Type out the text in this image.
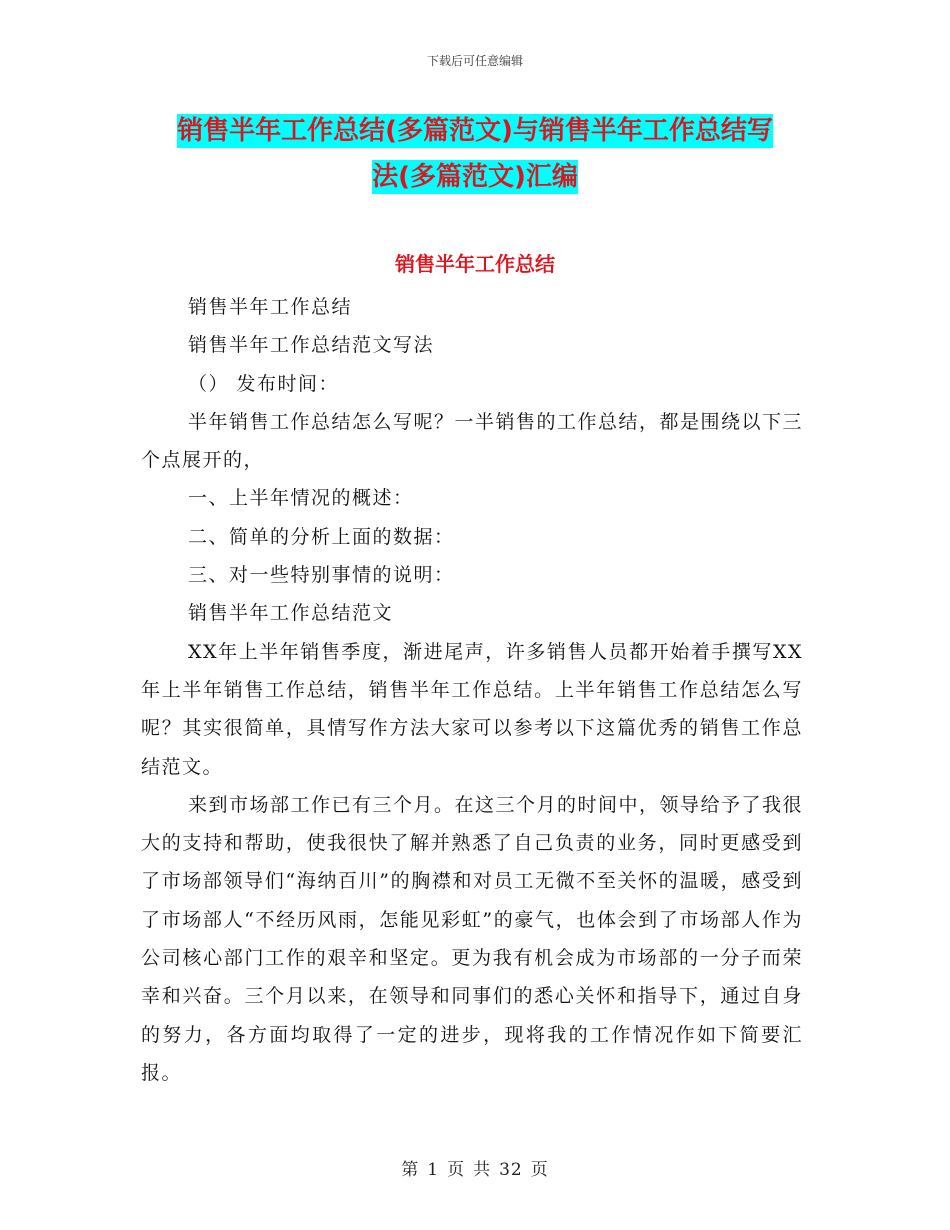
下载后可任意编辑
销售半年工作总结(多篇范文)与销售半年工作总结写
法(多篇范文)汇编
销售半年工作总结

销售半年工作总结

销售半年工作总结范文写法

（） 发布时间：

半年销售工作总结怎么写呢？一半销售的工作总结，都是围绕以下三个点展开的，

一、上半年情况的概述：

二、简单的分析上面的数据：

三、对一些特别事情的说明：

销售半年工作总结范文

XX年上半年销售季度，渐进尾声，许多销售人员都开始着手撰写XX年上半年销售工作总结，销售半年工作总结。上半年销售工作总结怎么写呢？其实很简单，具情写作方法大家可以参考以下这篇优秀的销售工作总结范文。

来到市场部工作已有三个月。在这三个月的时间中，领导给予了我很大的支持和帮助，使我很快了解并熟悉了自己负责的业务，同时更感受到了市场部领导们“海纳百川”的胸襟和对员工无微不至关怀的温暖，感受到了市场部人“不经历风雨，怎能见彩虹”的豪气，也体会到了市场部人作为公司核心部门工作的艰辛和坚定。更为我有机会成为市场部的一分子而荣幸和兴奋。三个月以来，在领导和同事们的悉心关怀和指导下，通过自身的努力，各方面均取得了一定的进步，现将我的工作情况作如下简要汇报。

第 1 页 共 32 页
